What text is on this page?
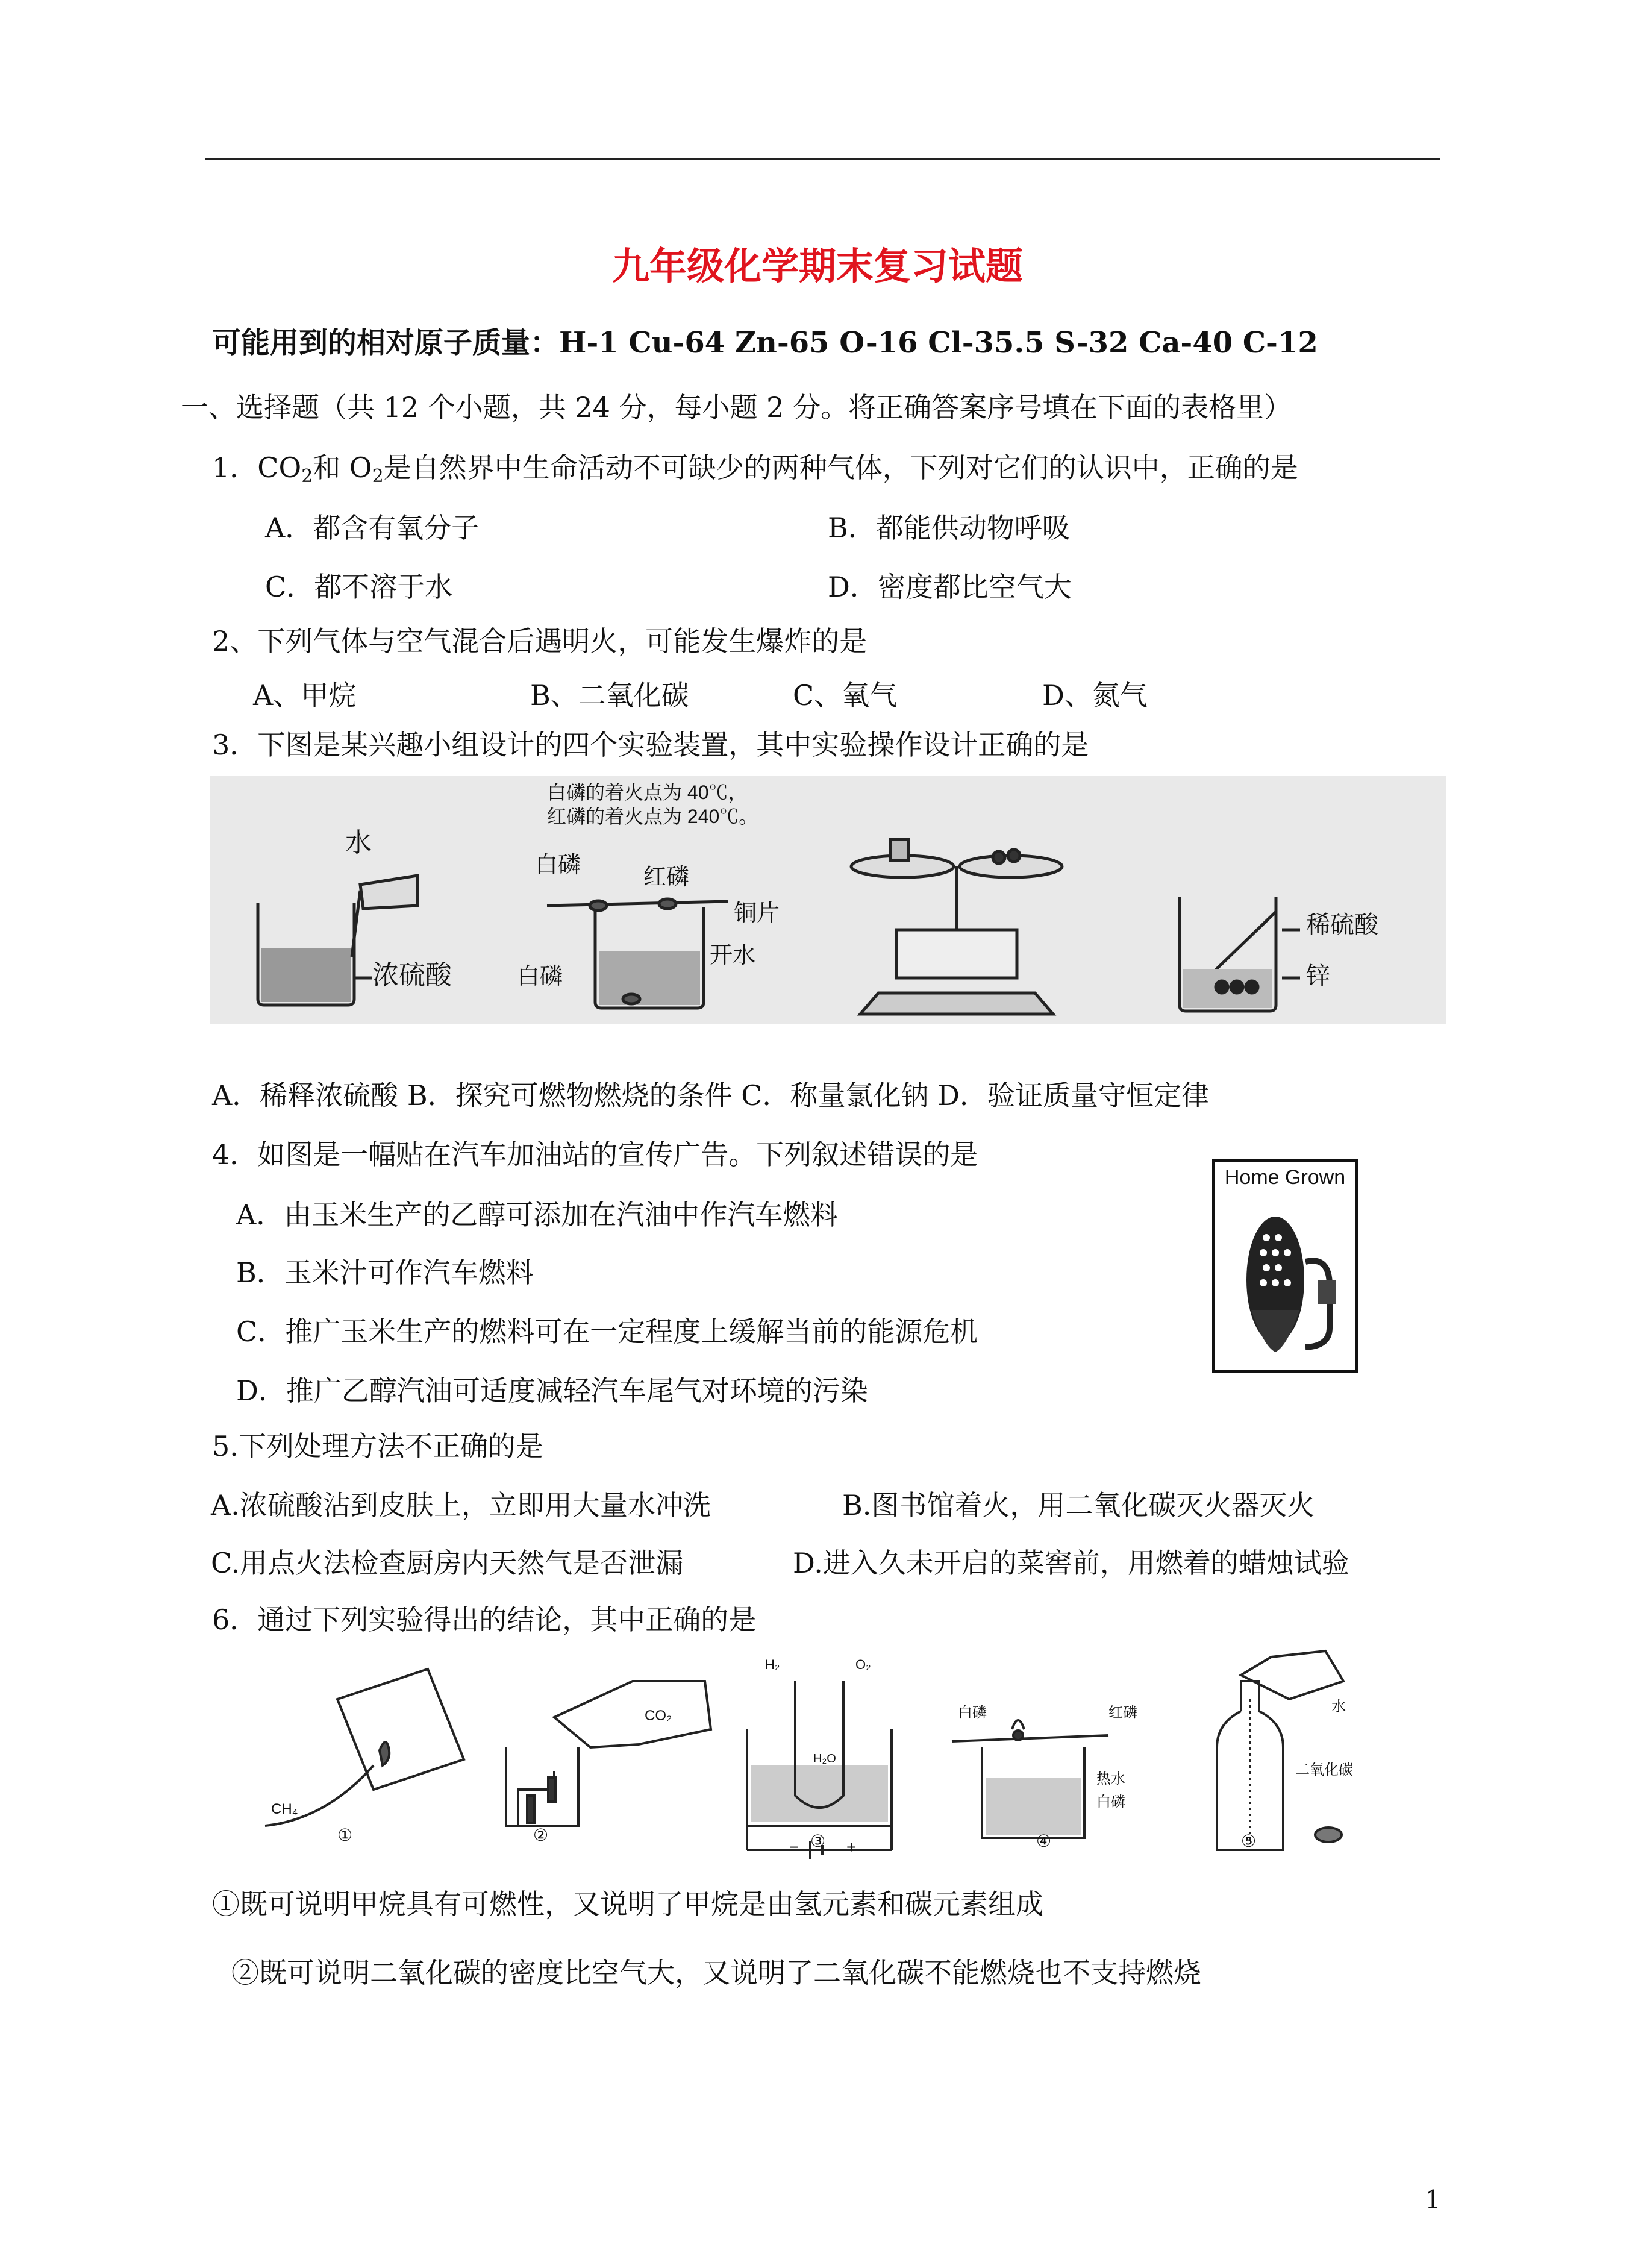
九年级化学期末复习试题
可能用到的相对原子质量：H-1 Cu-64 Zn-65 O-16 Cl-35.5 S-32 Ca-40 C-12
一、选择题（共 12 个小题，共 24 分，每小题 2 分。将正确答案序号填在下面的表格里）
1．$CO_2$和 $O_2$是自然界中生命活动不可缺少的两种气体，下列对它们的认识中，正确的是
A．都含有氧分子	B．都能供动物呼吸
C．都不溶于水	D．密度都比空气大
2、下列气体与空气混合后遇明火，可能发生爆炸的是
A、甲烷	B、二氧化碳	C、氧气	D、氮气
3．下图是某兴趣小组设计的四个实验装置，其中实验操作设计正确的是
水
浓硫酸
白磷的着火点为 40℃，
红磷的着火点为 240℃。
白磷	红磷
铜片
开水
白磷
稀硫酸
锌
A．稀释浓硫酸 B．探究可燃物燃烧的条件 C．称量氯化钠 D．验证质量守恒定律
4．如图是一幅贴在汽车加油站的宣传广告。下列叙述错误的是
A．由玉米生产的乙醇可添加在汽油中作汽车燃料
B．玉米汁可作汽车燃料
C．推广玉米生产的燃料可在一定程度上缓解当前的能源危机
D．推广乙醇汽油可适度减轻汽车尾气对环境的污染
Home Grown
5.下列处理方法不正确的是
A.浓硫酸沾到皮肤上，立即用大量水冲洗	B.图书馆着火，用二氧化碳灭火器灭火
C.用点火法检查厨房内天然气是否泄漏	D.进入久未开启的菜窖前，用燃着的蜡烛试验
6．通过下列实验得出的结论，其中正确的是
CH₄
CO₂
H₂	O₂
H₂O
−	+
白磷	红磷
热水
白磷
水
二氧化碳
①	②	③	④	⑤
①既可说明甲烷具有可燃性，又说明了甲烷是由氢元素和碳元素组成
②既可说明二氧化碳的密度比空气大，又说明了二氧化碳不能燃烧也不支持燃烧
1
